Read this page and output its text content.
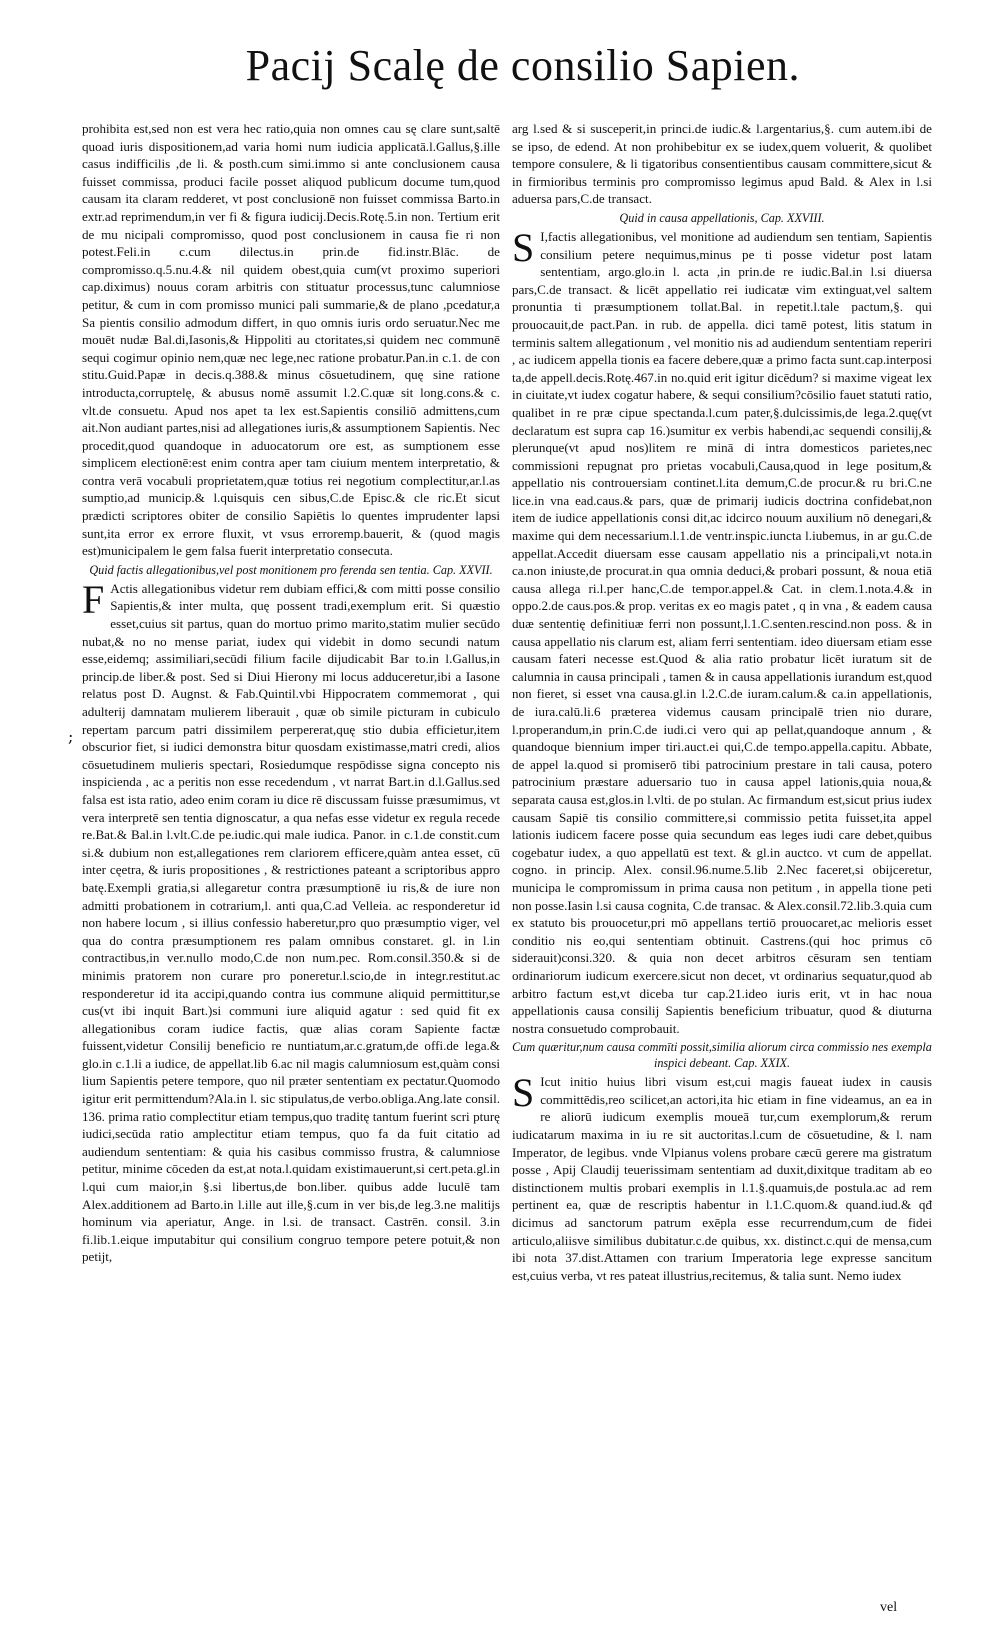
Pacij Scalę de consilio Sapien.
;

prohibita est,sed non est vera hec ratio,quia non omnes cau sę clare sunt,saltē quoad iuris dispositionem,ad varia homi num iudicia applicatā.l.Gallus,§.ille casus indifficilis ,de li. & posth.cum simi.immo si ante conclusionem causa fuisset commissa, produci facile posset aliquod publicum docume tum,quod causam ita claram redderet, vt post conclusionē non fuisset commissa Barto.in extr.ad reprimendum,in ver fi & figura iudicij.Decis.Rotę.5.in non. Tertium erit de mu nicipali compromisso, quod post conclusionem in causa fie ri non potest.Feli.in c.cum dilectus.in prin.de fid.instr.Blāc. de compromisso.q.5.nu.4.& nil quidem obest,quia cum(vt proximo superiori cap.diximus) nouus coram arbitris con stituatur processus,tunc calumniose petitur, & cum in com promisso munici pali summarie,& de plano ,pcedatur,a Sa pientis consilio admodum differt, in quo omnis iuris ordo seruatur.Nec me mouēt nudæ Bal.di,Iasonis,& Hippoliti au ctoritates,si quidem nec communē sequi cogimur opinio nem,quæ nec lege,nec ratione probatur.Pan.in c.1. de con stitu.Guid.Papæ in decis.q.388.& minus cōsuetudinem, quę sine ratione introducta,corruptelę, & abusus nomē assumit l.2.C.quæ sit long.cons.& c. vlt.de consuetu. Apud nos apet ta lex est.Sapientis consiliō admittens,cum ait.Non audiant partes,nisi ad allegationes iuris,& assumptionem Sapientis. Nec procedit,quod quandoque in aduocatorum ore est, as sumptionem esse simplicem electionē:est enim contra aper tam ciuium mentem interpretatio, & contra verā vocabuli proprietatem,quæ totius rei negotium complectitur,ar.l.as sumptio,ad municip.& l.quisquis cen sibus,C.de Episc.& cle ric.Et sicut prædicti scriptores obiter de consilio Sapiētis lo quentes imprudenter lapsi sunt,ita error ex errore fluxit, vt vsus erroremp.bauerit, & (quod magis est)municipalem le gem falsa fuerit interpretatio consecuta.

Quid factis allegationibus,vel post monitionem pro ferenda sen tentia. Cap. XXVII.

F Actis allegationibus videtur rem dubiam effici,& com mitti posse consilio Sapientis,& inter multa, quę possent tradi,exemplum erit. Si quæstio esset,cuius sit partus, quan do mortuo primo marito,statim mulier secūdo nubat,& no no mense pariat, iudex qui videbit in domo secundi natum esse,eidemq; assimiliari,secūdi filium facile dijudicabit Bar to.in l.Gallus,in princip.de liber.& post. Sed si Diui Hierony mi locus adduceretur,ibi a Iasone relatus post D. Augnst. & Fab.Quintil.vbi Hippocratem commemorat , qui adulterij damnatam mulierem liberauit , quæ ob simile picturam in cubiculo repertam parcum patri dissimilem perpererat,quę stio dubia efficietur,item obscurior fiet, si iudici demonstra bitur quosdam existimasse,matri credi, alios cōsuetudinem mulieris spectari, Rosiedumque respōdisse signa concepto nis inspicienda , ac a peritis non esse recedendum , vt narrat Bart.in d.l.Gallus.sed falsa est ista ratio, adeo enim coram iu dice rē discussam fuisse præsumimus, vt vera interpretē sen tentia dignoscatur, a qua nefas esse videtur ex regula recede re.Bat.& Bal.in l.vlt.C.de pe.iudic.qui male iudica. Panor. in c.1.de constit.cum si.& dubium non est,allegationes rem clariorem efficere,quàm antea esset, cū inter cęetra, & iuris propositiones , & restrictiones pateant a scriptoribus appro batę.Exempli gratia,si allegaretur contra præsumptionē iu ris,& de iure non admitti probationem in cotrarium,l. anti qua,C.ad Velleia. ac responderetur id non habere locum , si illius confessio haberetur,pro quo præsumptio viger, vel qua do contra præsumptionem res palam omnibus constaret. gl. in l.in contractibus,in ver.nullo modo,C.de non num.pec. Rom.consil.350.& si de minimis pratorem non curare pro poneretur.l.scio,de in integr.restitut.ac responderetur id ita accipi,quando contra ius commune aliquid permittitur,se cus(vt ibi inquit Bart.)si communi iure aliquid agatur : sed quid fit ex allegationibus coram iudice factis, quæ alias coram Sapiente factæ fuissent,videtur Consilij beneficio re nuntiatum,ar.c.gratum,de offi.de lega.& glo.in c.1.li a iudice, de appellat.lib 6.ac nil magis calumniosum est,quàm consi lium Sapientis petere tempore, quo nil præter sententiam ex pectatur.Quomodo igitur erit permittendum?Ala.in l. sic stipulatus,de verbo.obliga.Ang.late consil. 136. prima ratio complectitur etiam tempus,quo traditę tantum fuerint scri pturę iudici,secūda ratio amplectitur etiam tempus, quo fa da fuit citatio ad audiendum sententiam: & quia his casibus commisso frustra, & calumniose petitur, minime cōceden da est,at nota.l.quidam existimauerunt,si cert.peta.gl.in l.qui cum maior,in §.si libertus,de bon.liber. quibus adde luculē tam Alex.additionem ad Barto.in l.ille aut ille,§.cum in ver bis,de leg.3.ne malitijs hominum via aperiatur, Ange. in l.si. de transact. Castrēn. consil. 3.in fi.lib.1.eique imputabitur qui consilium congruo tempore petere potuit,& non petijt,

arg l.sed & si susceperit,in princi.de iudic.& l.argentarius,§. cum autem.ibi de se ipso, de edend. At non prohibebitur ex se iudex,quem voluerit, & quolibet tempore consulere, & li tigatoribus consentientibus causam committere,sicut & in firmioribus terminis pro compromisso legimus apud Bald. & Alex in l.si aduersa pars,C.de transact.

Quid in causa appellationis, Cap. XXVIII.

S I,factis allegationibus, vel monitione ad audiendum sen tentiam, Sapientis consilium petere nequimus,minus pe ti posse videtur post latam sententiam, argo.glo.in l. acta ,in prin.de re iudic.Bal.in l.si diuersa pars,C.de transact. & licēt appellatio rei iudicatæ vim extinguat,vel saltem pronuntia ti præsumptionem tollat.Bal. in repetit.l.tale pactum,§. qui prouocauit,de pact.Pan. in rub. de appella. dici tamē potest, litis statum in terminis saltem allegationum , vel monitio nis ad audiendum sententiam reperiri , ac iudicem appella tionis ea facere debere,quæ a primo facta sunt.cap.interposi ta,de appell.decis.Rotę.467.in no.quid erit igitur dicēdum? si maxime vigeat lex in ciuitate,vt iudex cogatur habere, & sequi consilium?cōsilio fauet statuti ratio, qualibet in re præ cipue spectanda.l.cum pater,§.dulcissimis,de lega.2.quę(vt declaratum est supra cap 16.)sumitur ex verbis habendi,ac sequendi consilij,& plerunque(vt apud nos)litem re minā di intra domesticos parietes,nec commissioni repugnat pro prietas vocabuli,Causa,quod in lege positum,& appellatio nis controuersiam continet.l.ita demum,C.de procur.& ru bri.C.ne lice.in vna ead.caus.& pars, quæ de primarij iudicis doctrina confidebat,non item de iudice appellationis consi dit,ac idcirco nouum auxilium nō denegari,& maxime qui dem necessarium.l.1.de ventr.inspic.iuncta l.iubemus, in ar gu.C.de appellat.Accedit diuersam esse causam appellatio nis a principali,vt nota.in ca.non iniuste,de procurat.in qua omnia deduci,& probari possunt, & noua etiā causa allega ri.l.per hanc,C.de tempor.appel.& Cat. in clem.1.nota.4.& in oppo.2.de caus.pos.& prop. veritas ex eo magis patet , q in vna , & eadem causa duæ sententię definitiuæ ferri non possunt,l.1.C.senten.rescind.non poss. & in causa appellatio nis clarum est, aliam ferri sententiam. ideo diuersam etiam esse causam fateri necesse est.Quod & alia ratio probatur licēt iuratum sit de calumnia in causa principali , tamen & in causa appellationis iurandum est,quod non fieret, si esset vna causa.gl.in l.2.C.de iuram.calum.& ca.in appellationis, de iura.calū.li.6 præterea videmus causam principalē trien nio durare, l.properandum,in prin.C.de iudi.ci vero qui ap pellat,quandoque annum , & quandoque biennium imper tiri.auct.ei qui,C.de tempo.appella.capitu. Abbate, de appel la.quod si promiserō tibi patrocinium prestare in tali causa, potero patrocinium præstare aduersario tuo in causa appel lationis,quia noua,& separata causa est,glos.in l.vlti. de po stulan. Ac firmandum est,sicut prius iudex causam Sapiē tis consilio committere,si commissio petita fuisset,ita appel lationis iudicem facere posse quia secundum eas leges iudi care debet,quibus cogebatur iudex, a quo appellatū est text. & gl.in auctco. vt cum de appellat. cogno. in princip. Alex. consil.96.nume.5.lib 2.Nec faceret,si obijceretur, municipa le compromissum in prima causa non petitum , in appella tione peti non posse.Iasin l.si causa cognita, C.de transac. & Alex.consil.72.lib.3.quia cum ex statuto bis prouocetur,pri mō appellans tertiō prouocaret,ac melioris esset conditio nis eo,qui sententiam obtinuit. Castrens.(qui hoc primus cō siderauit)consi.320. & quia non decet arbitros cēsuram sen tentiam ordinariorum iudicum exercere.sicut non decet, vt ordinarius sequatur,quod ab arbitro factum est,vt diceba tur cap.21.ideo iuris erit, vt in hac noua appellationis causa consilij Sapientis beneficium tribuatur, quod & diuturna nostra consuetudo comprobauit.

Cum quæritur,num causa commīti possit,similia aliorum circa commissio nes exempla inspici debeant. Cap. XXIX.

S Icut initio huius libri visum est,cui magis faueat iudex in causis committēdis,reo scilicet,an actori,ita hic etiam in fine videamus, an ea in re aliorū iudicum exemplis moueā tur,cum exemplorum,& rerum iudicatarum maxima in iu re sit auctoritas.l.cum de cōsuetudine, & l. nam Imperator, de legibus. vnde Vlpianus volens probare cæcū gerere ma gistratum posse , Apij Claudij teuerissimam sententiam ad duxit,dixitque traditam ab eo distinctionem multis probari exemplis in l.1.§.quamuis,de postula.ac ad rem pertinent ea, quæ de rescriptis habentur in l.1.C.quom.& quand.iud.& qđ dicimus ad sanctorum patrum exēpla esse recurrendum,cum de fidei articulo,aliisve similibus dubitatur.c.de quibus, xx. distinct.c.qui de mensa,cum ibi nota 37.dist.Attamen con trarium Imperatoria lege expresse sancitum est,cuius verba, vt res pateat illustrius,recitemus, & talia sunt. Nemo iudex

vel
